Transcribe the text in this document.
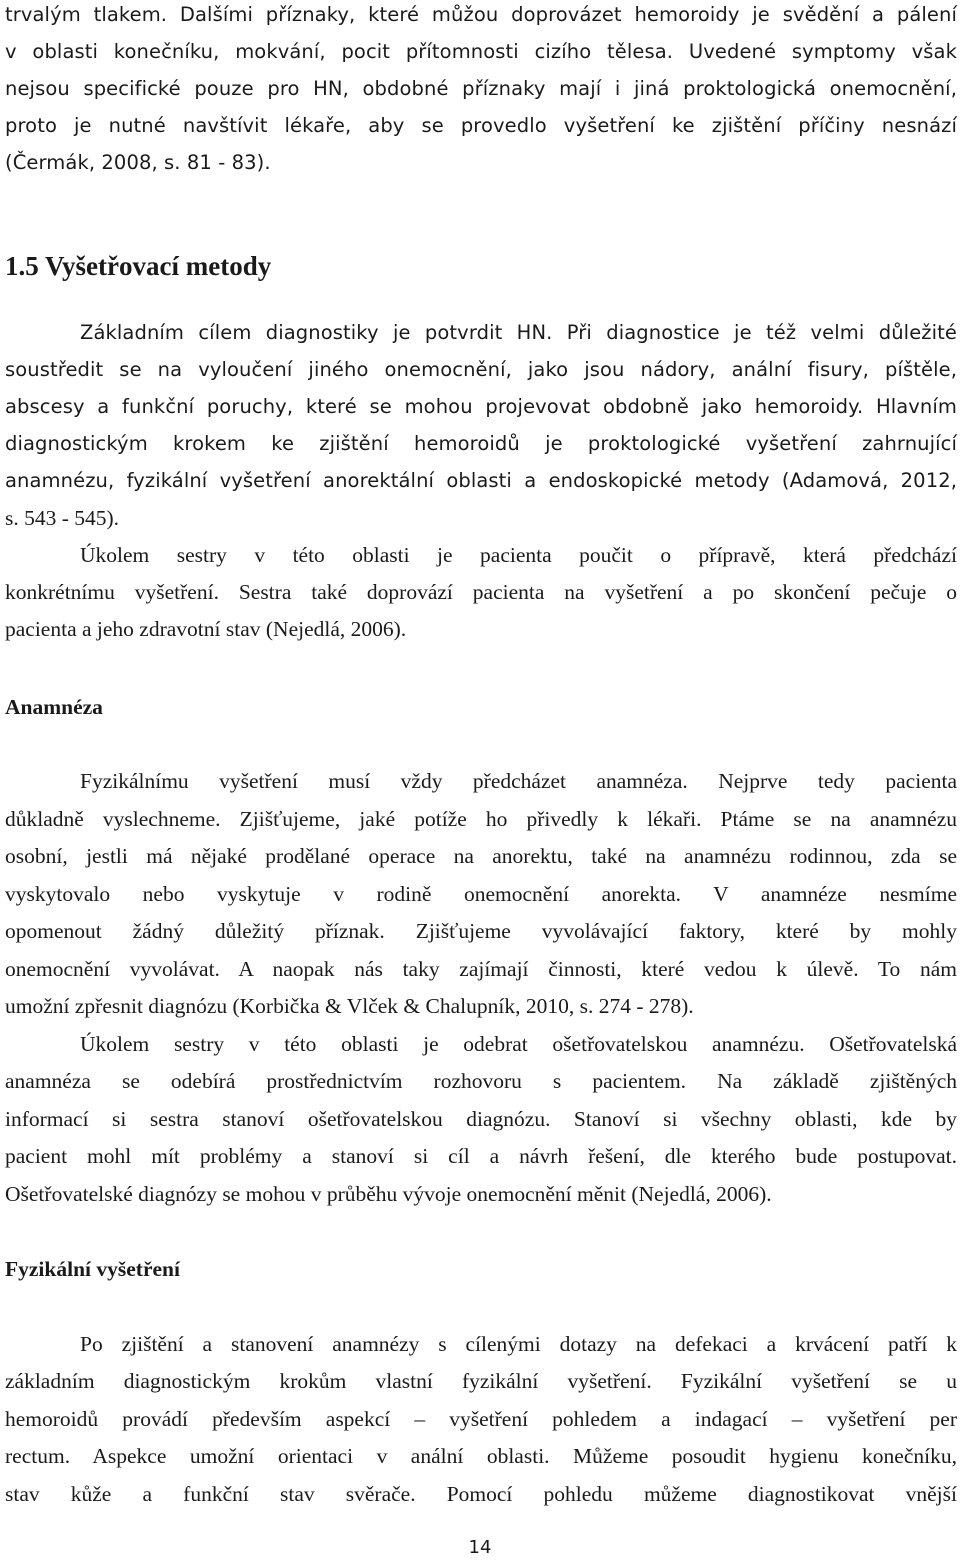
trvalým tlakem. Dalšími příznaky, které můžou doprovázet hemoroidy je svědění a pálení
v oblasti konečníku, mokvání, pocit přítomnosti cizího tělesa. Uvedené symptomy však
nejsou specifické pouze pro HN, obdobné příznaky mají i jiná proktologická onemocnění,
proto je nutné navštívit lékaře, aby se provedlo vyšetření ke zjištění příčiny nesnází
(Čermák, 2008, s. 81 - 83).
1.5 Vyšetřovací metody
Základním cílem diagnostiky je potvrdit HN. Při diagnostice je též velmi důležité
soustředit se na vyloučení jiného onemocnění, jako jsou nádory, anální fisury, píštěle,
abscesy a funkční poruchy, které se mohou projevovat obdobně jako hemoroidy. Hlavním
diagnostickým krokem ke zjištění hemoroidů je proktologické vyšetření zahrnující
anamnézu, fyzikální vyšetření anorektální oblasti a endoskopické metody (Adamová, 2012,
s. 543 - 545).
Úkolem sestry v této oblasti je pacienta poučit o přípravě, která předchází
konkrétnímu vyšetření. Sestra také doprovází pacienta na vyšetření a po skončení pečuje o
pacienta a jeho zdravotní stav (Nejedlá, 2006).
Anamnéza
Fyzikálnímu vyšetření musí vždy předcházet anamnéza. Nejprve tedy pacienta
důkladně vyslechneme. Zjišťujeme, jaké potíže ho přivedly k lékaři. Ptáme se na anamnézu
osobní, jestli má nějaké prodělané operace na anorektu, také na anamnézu rodinnou, zda se
vyskytovalo nebo vyskytuje v rodině onemocnění anorekta. V anamnéze nesmíme
opomenout žádný důležitý příznak. Zjišťujeme vyvolávající faktory, které by mohly
onemocnění vyvolávat. A naopak nás taky zajímají činnosti, které vedou k úlevě. To nám
umožní zpřesnit diagnózu (Korbička & Vlček & Chalupník, 2010, s. 274 - 278).
Úkolem sestry v této oblasti je odebrat ošetřovatelskou anamnézu. Ošetřovatelská
anamnéza se odebírá prostřednictvím rozhovoru s pacientem. Na základě zjištěných
informací si sestra stanoví ošetřovatelskou diagnózu. Stanoví si všechny oblasti, kde by
pacient mohl mít problémy a stanoví si cíl a návrh řešení, dle kterého bude postupovat.
Ošetřovatelské diagnózy se mohou v průběhu vývoje onemocnění měnit (Nejedlá, 2006).
Fyzikální vyšetření
Po zjištění a stanovení anamnézy s cílenými dotazy na defekaci a krvácení patří k
základním diagnostickým krokům vlastní fyzikální vyšetření. Fyzikální vyšetření se u
hemoroidů provádí především aspekcí – vyšetření pohledem a indagací – vyšetření per
rectum. Aspekce umožní orientaci v anální oblasti. Můžeme posoudit hygienu konečníku,
stav kůže a funkční stav svěrače. Pomocí pohledu můžeme diagnostikovat vnější
14
